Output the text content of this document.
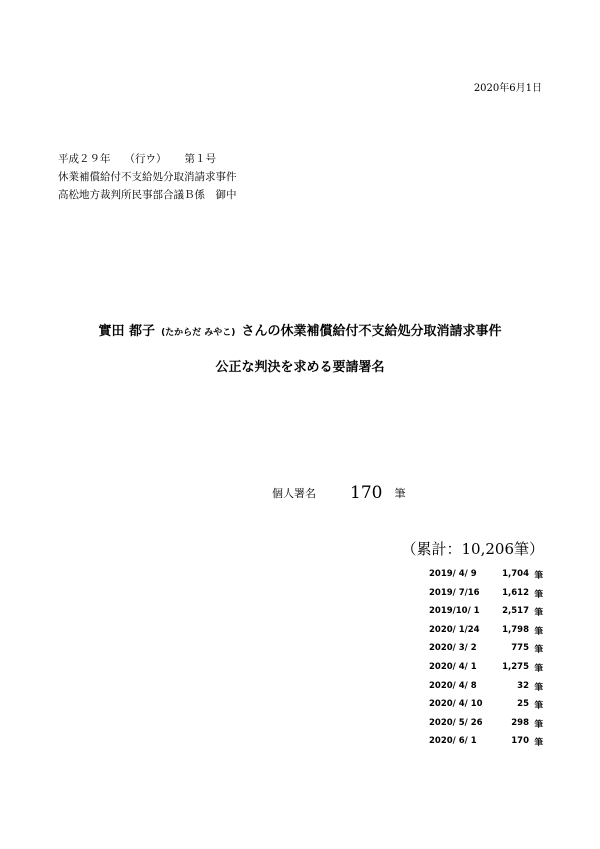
2020年6月1日
平成２９年 （行ウ） 第１号
休業補償給付不支給処分取消請求事件
高松地方裁判所民事部合議Ｂ係　御中
實田 都子 (たからだ みやこ) さんの休業補償給付不支給処分取消請求事件
公正な判決を求める要請署名
個人署名 170 筆
（累計：10,206筆）
2019/ 4/ 9	1,704 筆
2019/ 7/16	1,612 筆
2019/10/ 1	2,517 筆
2020/ 1/24	1,798 筆
2020/ 3/ 2	775 筆
2020/ 4/ 1	1,275 筆
2020/ 4/ 8	32 筆
2020/ 4/ 10	25 筆
2020/ 5/ 26	298 筆
2020/ 6/ 1	170 筆
